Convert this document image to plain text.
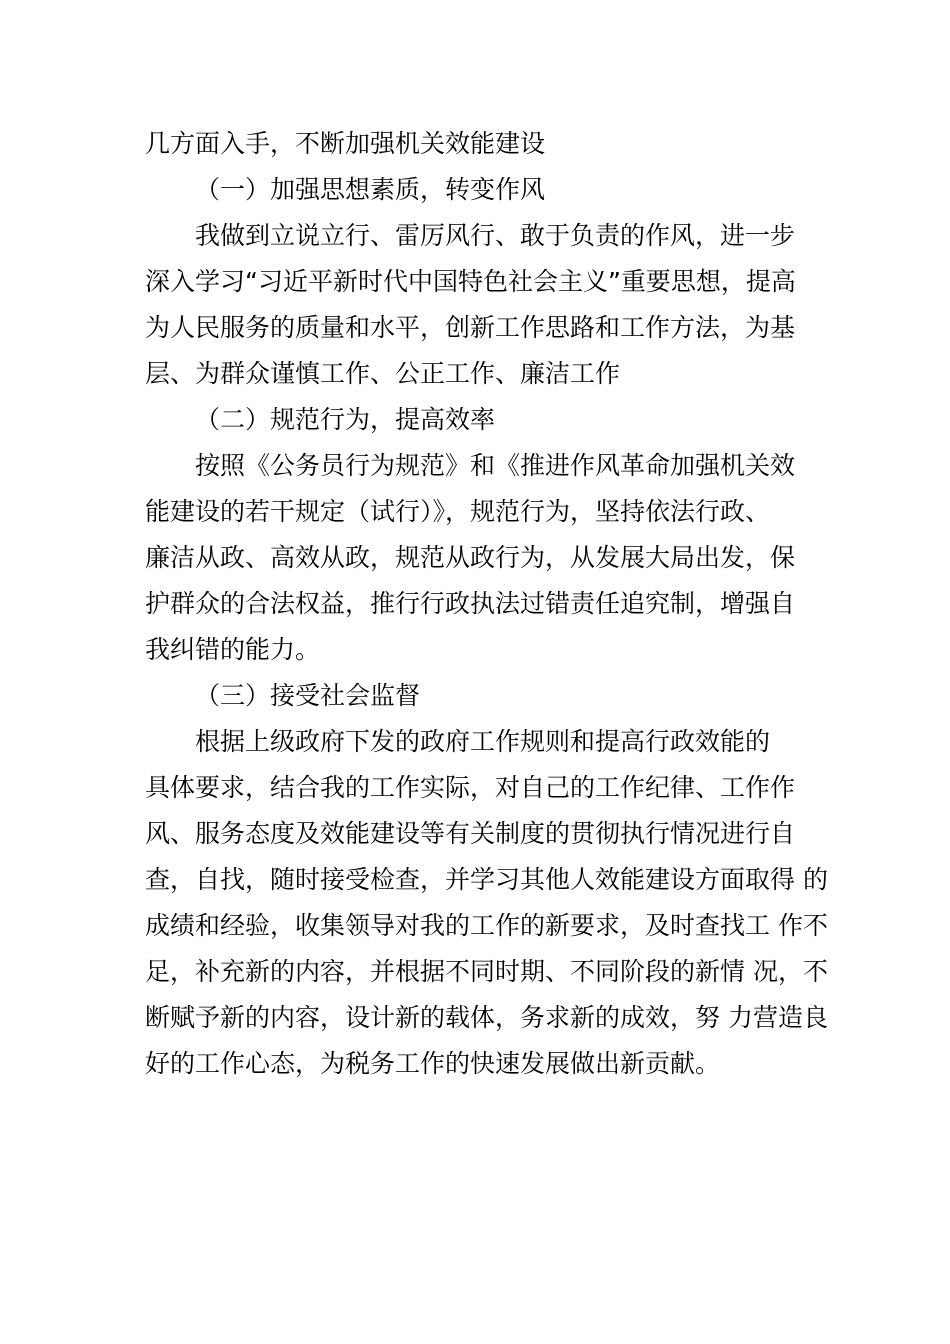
几方面入手，不断加强机关效能建设
（一）加强思想素质，转变作风
我做到立说立行、雷厉风行、敢于负责的作风，进一步
深入学习“习近平新时代中国特色社会主义”重要思想，提高
为人民服务的质量和水平，创新工作思路和工作方法，为基
层、为群众谨慎工作、公正工作、廉洁工作
（二）规范行为，提高效率
按照《公务员行为规范》和《推进作风革命加强机关效
能建设的若干规定（试行）》，规范行为，坚持依法行政、
廉洁从政、高效从政，规范从政行为，从发展大局出发，保
护群众的合法权益，推行行政执法过错责任追究制，增强自
我纠错的能力。
（三）接受社会监督
根据上级政府下发的政府工作规则和提高行政效能的
具体要求，结合我的工作实际，对自己的工作纪律、工作作
风、服务态度及效能建设等有关制度的贯彻执行情况进行自
查，自找，随时接受检查，并学习其他人效能建设方面取得 的
成绩和经验，收集领导对我的工作的新要求，及时查找工 作不
足，补充新的内容，并根据不同时期、不同阶段的新情 况，不
断赋予新的内容，设计新的载体，务求新的成效，努 力营造良
好的工作心态，为税务工作的快速发展做出新贡献。
